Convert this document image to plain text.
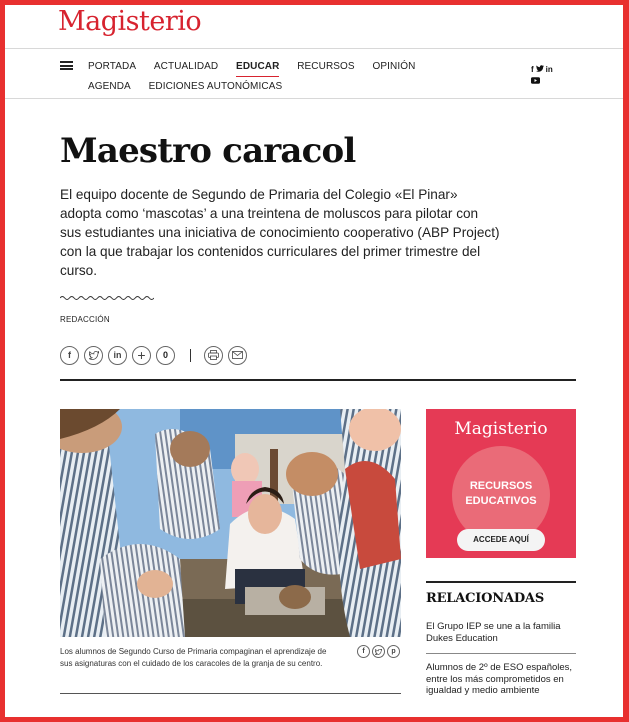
Magisterio
PORTADA ACTUALIDAD EDUCAR RECURSOS OPINIÓN AGENDA EDICIONES AUTONÓMICAS
f in

Maestro caracol

El equipo docente de Segundo de Primaria del Colegio «El Pinar» adopta como ‘mascotas’ a una treintena de moluscos para pilotar con sus estudiantes una iniciativa de conocimiento cooperativo (ABP Project) con la que trabajar los contenidos curriculares del primer trimestre del curso.

REDACCIÓN
f	in	+	0
Los alumnos de Segundo Curso de Primaria compaginan el aprendizaje de sus asignaturas con el cuidado de los caracoles de la granja de su centro.
f	p
Magisterio
RECURSOS
EDUCATIVOS
ACCEDE AQUÍ
RELACIONADAS
El Grupo IEP se une a la familia Dukes Education
Alumnos de 2º de ESO españoles, entre los más comprometidos en igualdad y medio ambiente
